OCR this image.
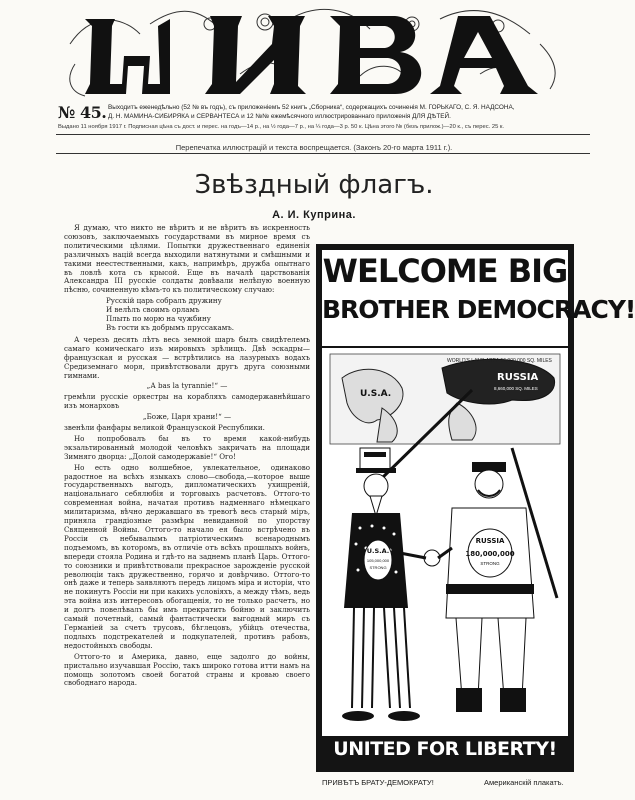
№ 45. Выходитъ еженедѣльно (52 № въ годъ), съ приложеніемъ 52 книгъ „Сборника“, содержащихъ сочиненія М. ГОРЬКАГО, С. Я. НАДСОНА,
Д. Н. МАМИНА-СИБИРЯКА и СЕРВАНТЕСА и 12 №№ ежемѣсячного иллюстрированнаго приложенія ДЛЯ ДѢТЕЙ.
Выдано 11 ноября 1917 г. Подписная цѣна съ дост. и перес. на годъ—14 р., на ½ года—7 р., на ¼ года—3 р. 50 к. Цѣна этого № (безъ прилож.)—20 к., съ перес. 25 к.
Перепечатка иллюстрацій и текста воспрещается. (Законъ 20-го марта 1911 г.).
Звѣздный флагъ.
А. И. Куприна.

Я думаю, что никто не вѣритъ и не вѣритъ въ искренность союзовъ, заключаемыхъ государствами въ мирное время съ политическими цѣлями. Попытки дружественнаго единенія различныхъ націй всегда выходили натянутыми и смѣшными и такими неестественными, какъ, напримѣръ, дружба опытнаго въ ловлѣ кота съ крысой. Еще въ началѣ царствованія Александра III русскіе солдаты довѣвали нелѣпую военную пѣсню, сочиненную кѣмъ-то къ политическому случаю:

Русскій царь собралъ дружину
И велѣлъ своимъ орламъ
Плыть по морю на чужбину
Въ гости къ добрымъ пруссакамъ.

А черезъ десять лѣтъ весь земной шаръ былъ свидѣтелемъ самаго комическаго изъ мировыхъ зрѣлищъ. Двѣ эскадры—французская и русская — встрѣтились на лазурныхъ водахъ Средиземнаго моря, привѣтствовали другъ друга союзными гимнами.

„А bas la tyrannie!“ —

гремѣли русскіе оркестры на корабляхъ самодержавнѣйшаго изъ монарховъ

„Боже, Царя храни!“ —

звенѣли фанфары великой Французской Республики.

Но попробовалъ бы въ то время какой-нибудь экзальтированный молодой человѣкъ закричать на площади Зимняго дворца: „Долой самодержавіе!“ Ого!

Но есть одно волшебное, увлекательное, одинаково радостное на всѣхъ языкахъ слово—свобода,—которое выше государственныхъ выгодъ, дипломатическихъ ухищреній, національнаго себялюбія и торговыхъ расчетовъ. Оттого-то современная война, начатая противъ надменнаго нѣмецкаго милитаризма, вѣчно державшаго въ тревогѣ весь старый міръ, приняла грандіозные размѣры невиданной по упорству Священной Войны. Оттого-то начало ея было встрѣчено въ Россіи съ небывалымъ патріотическимъ всенароднымъ подъемомъ, въ которомъ, въ отличіе отъ всѣхъ прошлыхъ войнъ, впереди стояла Родина и гдѣ-то на заднемъ планѣ Царь. Оттого-то союзники и привѣтствовали прекрасное зарожденіе русской революціи такъ дружественно, горячо и довѣрчиво. Оттого-то онѣ даже и теперь заявляютъ передъ лицомъ міра и исторіи, что не покинутъ Россіи ни при какихъ условіяхъ, а между тѣмъ, ведь эта война изъ интересовъ обогащенія, то не только расчетъ, но и долгъ повелѣвалъ бы имъ прекратить бойню и заключить самый почетный, самый фантастически выгодный миръ съ Германіей за счетъ трусовъ, бѣглецовъ, убійцъ отечества, подлыхъ подстрекателей и подкупателей, противъ рабовъ, недостойныхъ свободы.

Оттого-то и Америка, давно, еще задолго до войны, пристально изучавшая Россію, такъ широко готова итти намъ на помощь золотомъ своей богатой страны и кровью своего свободнаго народа.

WELCOME BIG
BROTHER DEMOCRACY!
WORLD'S LAND AREA 56,000,000 SQ. MILES
U.S.A.
RUSSIA
8,660,000 SQ. MILES
U.S.A.
105,000,000
STRONG
RUSSIA
180,000,000
STRONG
UNITED FOR LIBERTY!
ПРИВѢТЪ БРАТУ-ДЕМОКРАТУ!	Американскій плакатъ.
